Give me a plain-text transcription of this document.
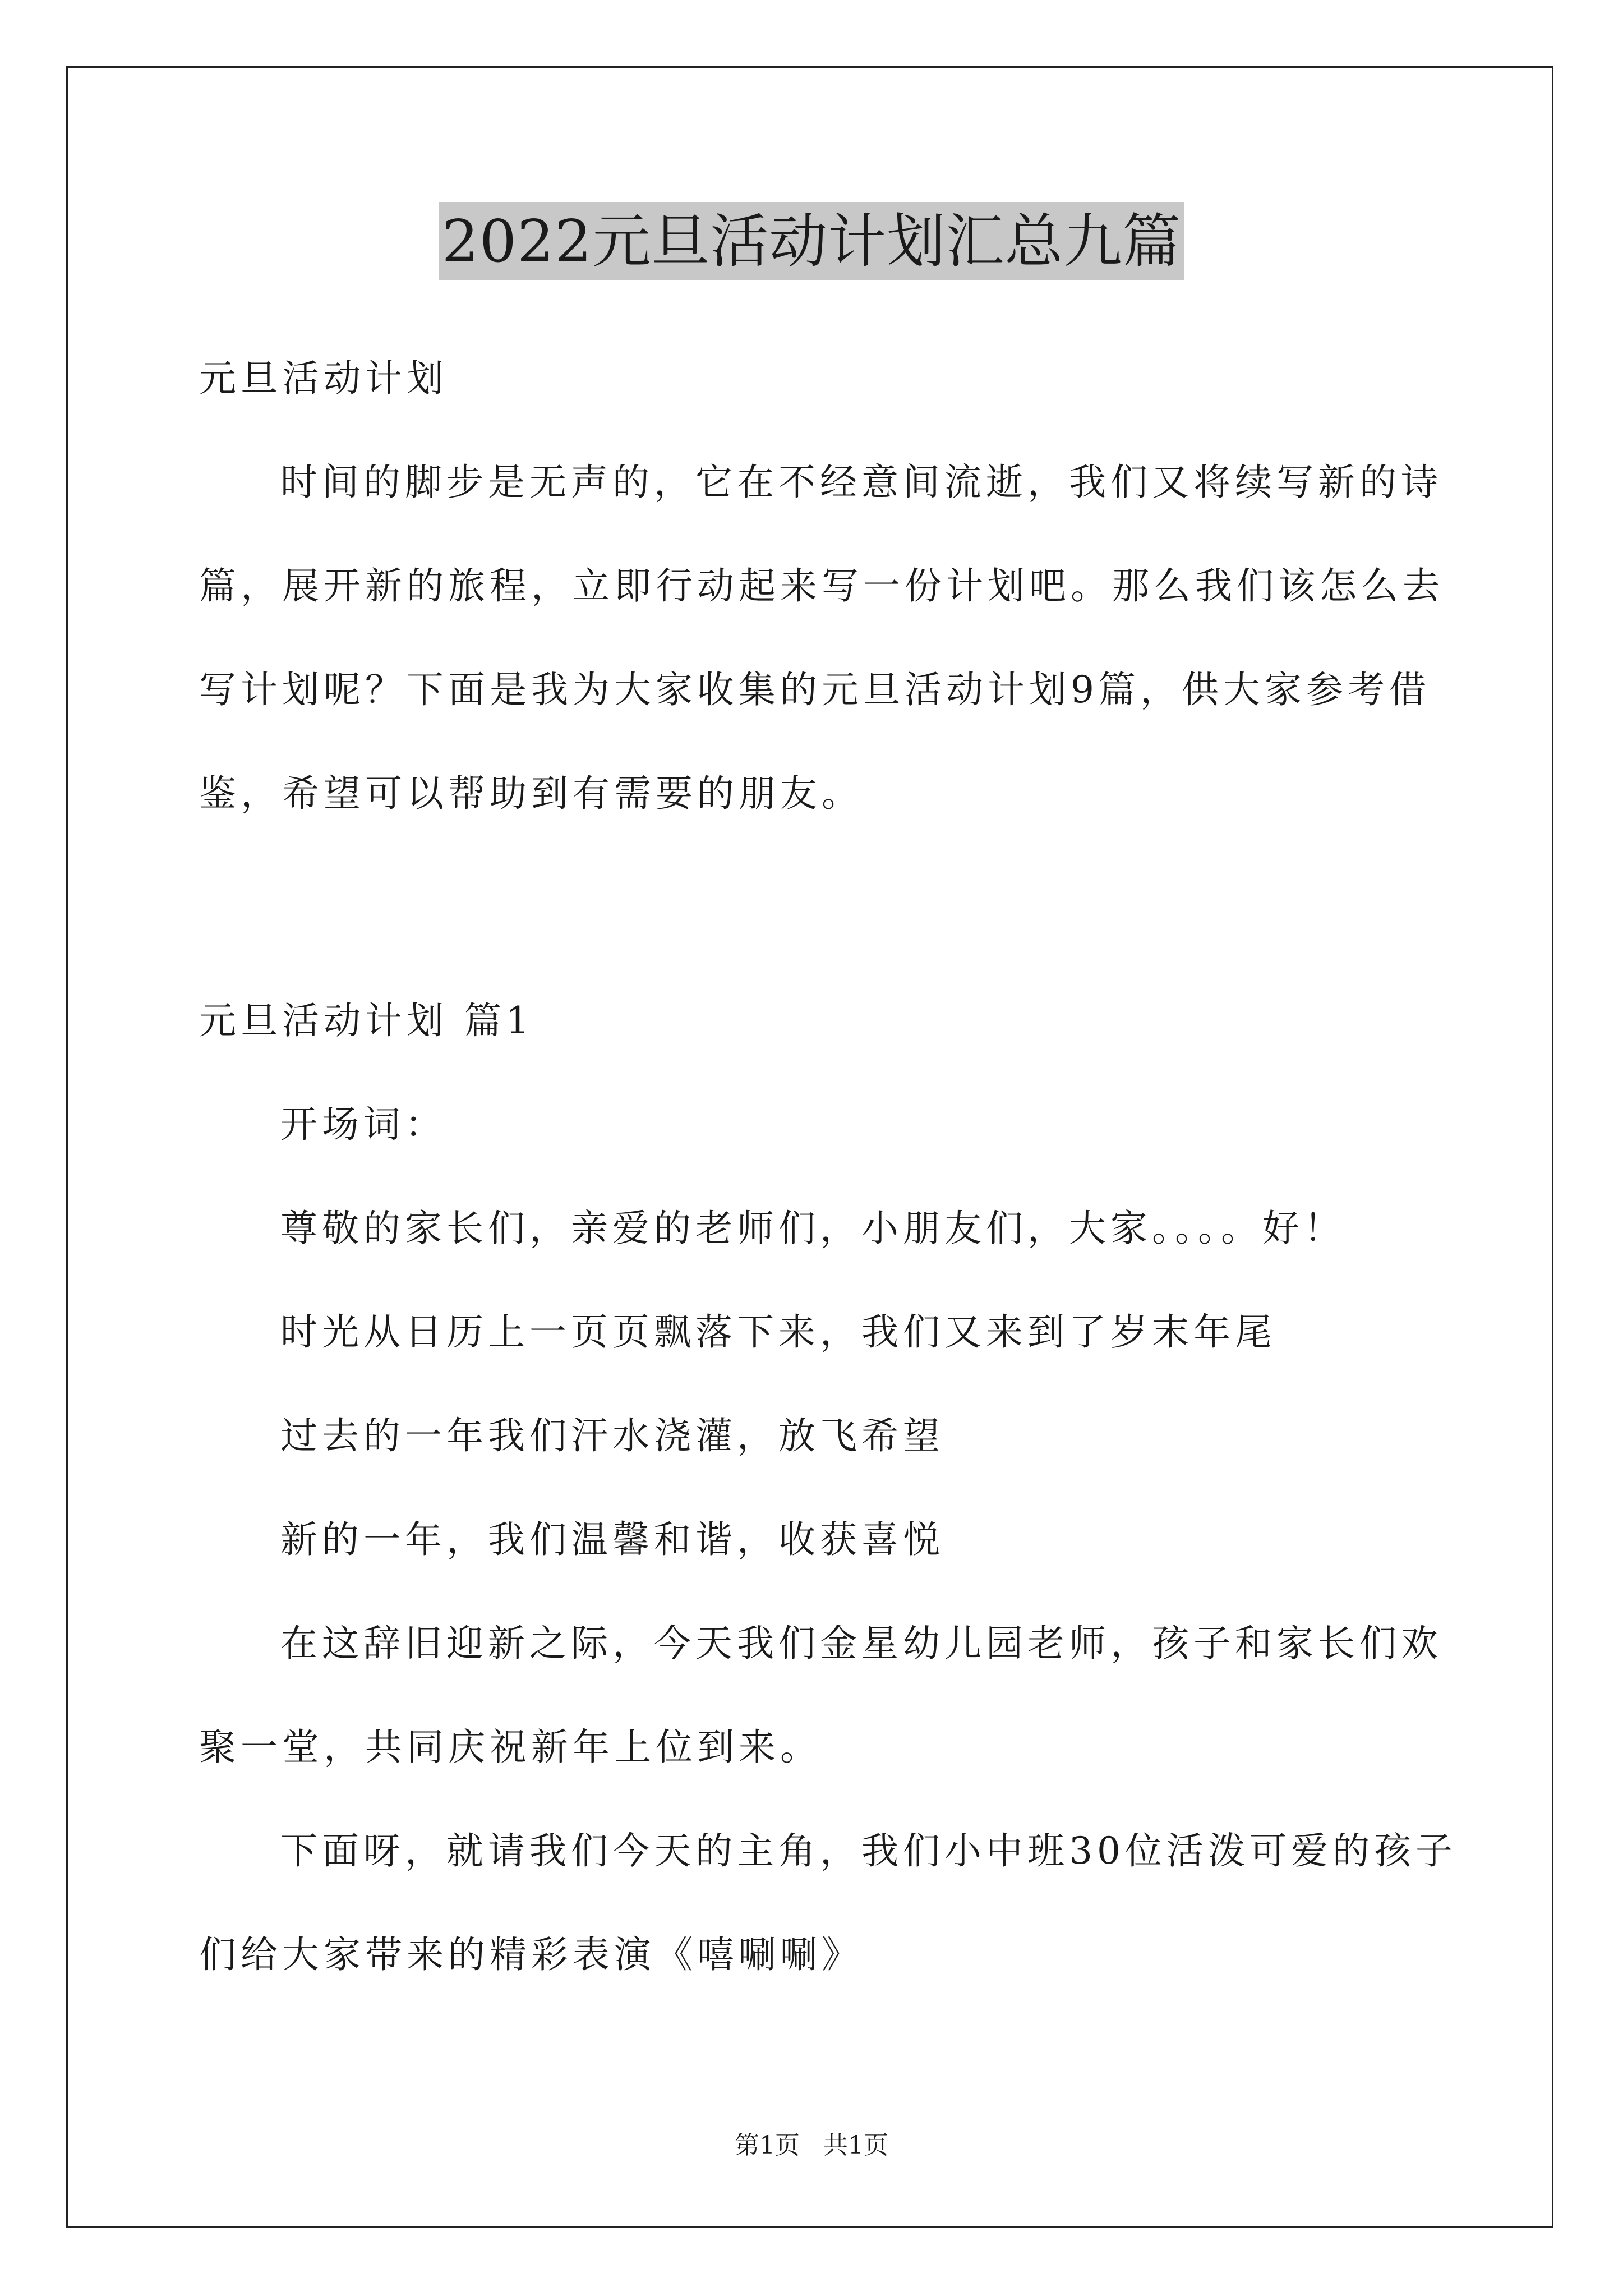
2022元旦活动计划汇总九篇
元旦活动计划
时间的脚步是无声的，它在不经意间流逝，我们又将续写新的诗
篇，展开新的旅程，立即行动起来写一份计划吧。那么我们该怎么去
写计划呢？下面是我为大家收集的元旦活动计划9篇，供大家参考借
鉴，希望可以帮助到有需要的朋友。
元旦活动计划 篇1
开场词：
尊敬的家长们，亲爱的老师们，小朋友们，大家。。。。好！
时光从日历上一页页飘落下来，我们又来到了岁末年尾
过去的一年我们汗水浇灌，放飞希望
新的一年，我们温馨和谐，收获喜悦
在这辞旧迎新之际，今天我们金星幼儿园老师，孩子和家长们欢
聚一堂，共同庆祝新年上位到来。
下面呀，就请我们今天的主角，我们小中班30位活泼可爱的孩子
们给大家带来的精彩表演《嘻唰唰》
第1页   共1页
